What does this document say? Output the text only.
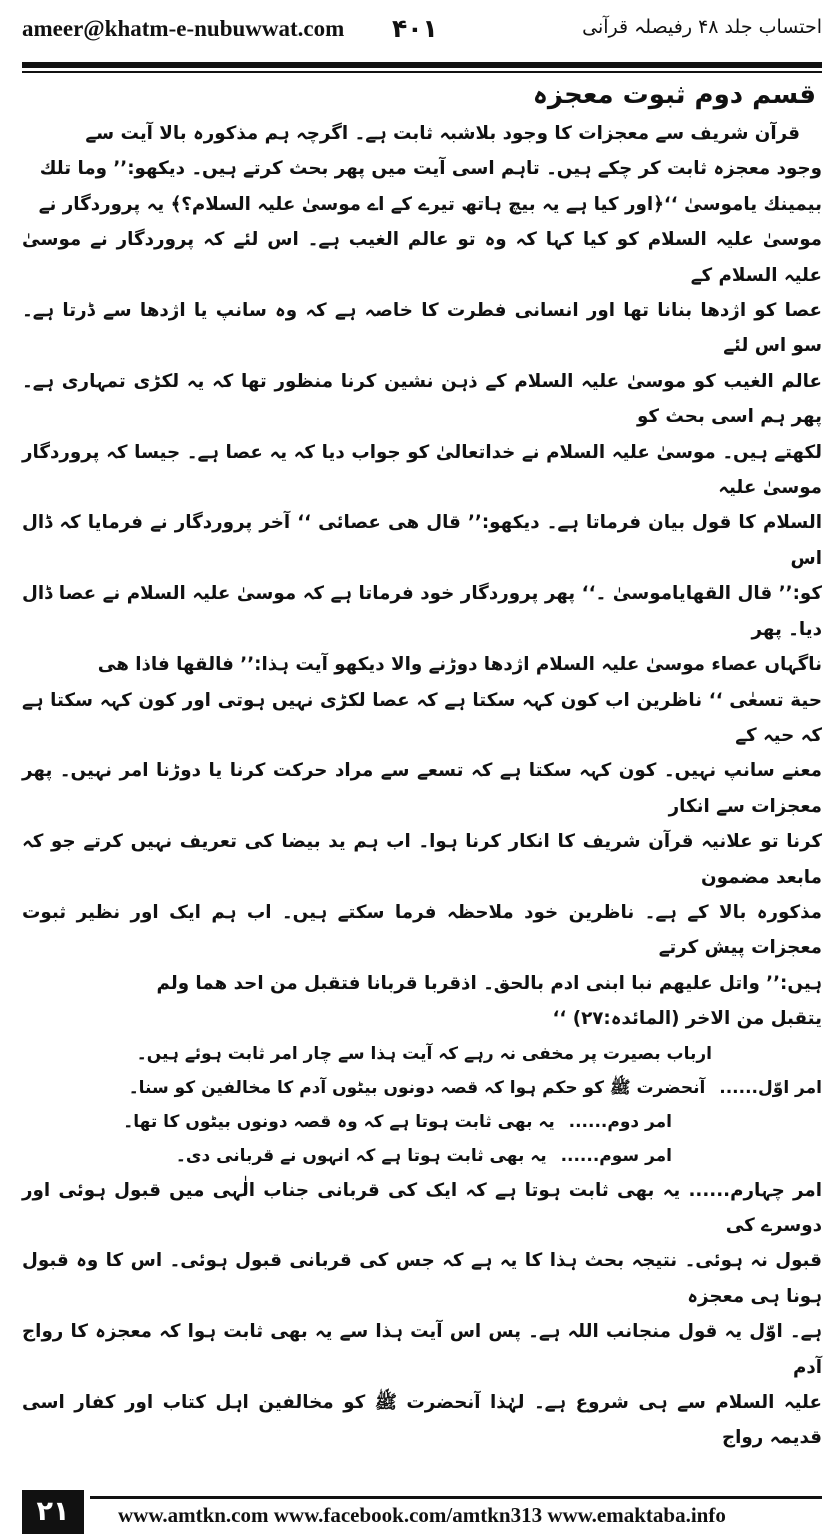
ameer@khatm-e-nubuwwat.com ۴۰۱	احتساب جلد ۴۸ رفیصلہ قرآنی
قسم دوم ثبوت معجزہ

قرآن شریف سے معجزات کا وجود بلاشبہ ثابت ہے۔ اگرچہ ہم مذکورہ بالا آیت سے

وجود معجزہ ثابت کر چکے ہیں۔ تاہم اسی آیت میں پھر بحث کرتے ہیں۔ دیکھو:’’ وما تلك

بیمینك یاموسیٰ ‘‘﴿اور کیا ہے یہ بیچ ہاتھ تیرے کے اے موسیٰ علیہ السلام؟﴾ یہ پروردگار نے

موسیٰ علیہ السلام کو کیا کہا کہ وہ تو عالم الغیب ہے۔ اس لئے کہ پروردگار نے موسیٰ علیہ السلام کے

عصا کو اژدھا بنانا تھا اور انسانی فطرت کا خاصہ ہے کہ وہ سانپ یا اژدھا سے ڈرتا ہے۔ سو اس لئے

عالم الغیب کو موسیٰ علیہ السلام کے ذہن نشین کرنا منظور تھا کہ یہ لکڑی تمہاری ہے۔ پھر ہم اسی بحث کو

لکھتے ہیں۔ موسیٰ علیہ السلام نے خداتعالیٰ کو جواب دیا کہ یہ عصا ہے۔ جیسا کہ پروردگار موسیٰ علیہ

السلام کا قول بیان فرماتا ہے۔ دیکھو:’’ قال هی عصائی ‘‘ آخر پروردگار نے فرمایا کہ ڈال اس

کو:’’ قال القهایاموسیٰ ۔‘‘ پھر پروردگار خود فرماتا ہے کہ موسیٰ علیہ السلام نے عصا ڈال دیا۔ پھر

ناگہاں عصاء موسیٰ علیہ السلام اژدھا دوڑنے والا دیکھو آیت ہذا:’’ فالقها فاذا هی

حیة تسعٰی ‘‘ ناظرین اب کون کہہ سکتا ہے کہ عصا لکڑی نہیں ہوتی اور کون کہہ سکتا ہے کہ حیہ کے

معنے سانپ نہیں۔ کون کہہ سکتا ہے کہ تسعے سے مراد حرکت کرنا یا دوڑنا امر نہیں۔ پھر معجزات سے انکار

کرنا تو علانیہ قرآن شریف کا انکار کرنا ہوا۔ اب ہم ید بیضا کی تعریف نہیں کرتے جو کہ مابعد مضمون

مذکورہ بالا کے ہے۔ ناظرین خود ملاحظہ فرما سکتے ہیں۔ اب ہم ایک اور نظیر ثبوت معجزات پیش کرتے

ہیں:’’ واتل علیهم نبا ابنی ادم بالحق۔ اذقربا قربانا فتقبل من احد هما ولم

یتقبل من الاخر (المائدہ:۲۷) ‘‘

ارباب بصیرت پر مخفی نہ رہے کہ آیت ہذا سے چار امر ثابت ہوئے ہیں۔
امر اوّل...... آنحضرت ﷺ کو حکم ہوا کہ قصہ دونوں بیٹوں آدم کا مخالفین کو سنا۔
امر دوم...... یہ بھی ثابت ہوتا ہے کہ وہ قصہ دونوں بیٹوں کا تھا۔
امر سوم...... یہ بھی ثابت ہوتا ہے کہ انہوں نے قربانی دی۔

امر چہارم...... یہ بھی ثابت ہوتا ہے کہ ایک کی قربانی جناب الٰہی میں قبول ہوئی اور دوسرے کی

قبول نہ ہوئی۔ نتیجہ بحث ہذا کا یہ ہے کہ جس کی قربانی قبول ہوئی۔ اس کا وہ قبول ہونا ہی معجزہ

ہے۔ اوّل یہ قول منجانب اللہ ہے۔ پس اس آیت ہذا سے یہ بھی ثابت ہوا کہ معجزہ کا رواج آدم

علیہ السلام سے ہی شروع ہے۔ لہٰذا آنحضرت ﷺ کو مخالفین اہل کتاب اور کفار اسی قدیمہ رواج

۲۱	www.amtkn.com www.facebook.com/amtkn313 www.emaktaba.info
